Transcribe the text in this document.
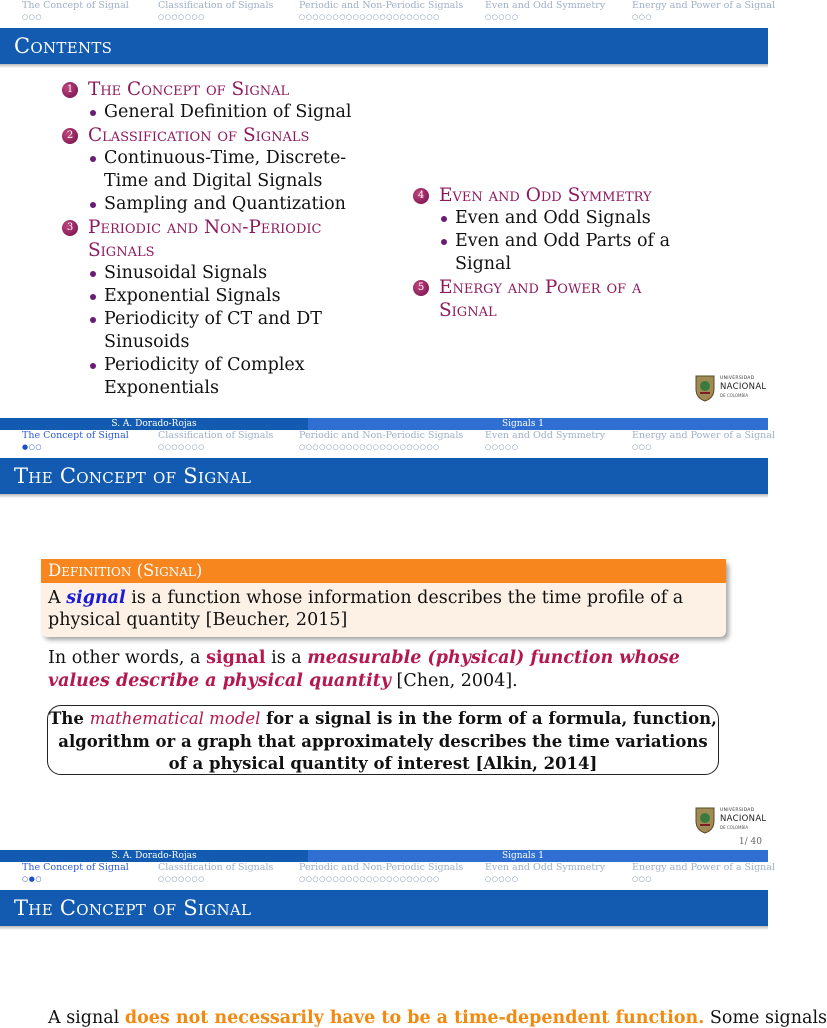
The Concept of Signal
○○○
Classification of Signals
○○○○○○○
Periodic and Non-Periodic Signals
○○○○○○○○○○○○○○○○○○○○○
Even and Odd Symmetry
○○○○○
Energy and Power of a Signal
○○○
Contents
1 The Concept of Signal
General Definition of Signal
2 Classification of Signals
Continuous-Time, Discrete-Time and Digital Signals
Sampling and Quantization
3 Periodic and Non-Periodic Signals
Sinusoidal Signals
Exponential Signals
Periodicity of CT and DT Sinusoids
Periodicity of Complex Exponentials
4 Even and Odd Symmetry
Even and Odd Signals
Even and Odd Parts of a Signal
5 Energy and Power of a Signal
UNIVERSIDAD
NACIONAL
DE COLOMBIA
S. A. Dorado-Rojas	Signals 1
The Concept of Signal
●○○
Classification of Signals
○○○○○○○
Periodic and Non-Periodic Signals
○○○○○○○○○○○○○○○○○○○○○
Even and Odd Symmetry
○○○○○
Energy and Power of a Signal
○○○
The Concept of Signal
Definition (Signal)
A signal is a function whose information describes the time profile of a physical quantity [Beucher, 2015]
In other words, a signal is a measurable (physical) function whose values describe a physical quantity [Chen, 2004].
The mathematical model for a signal is in the form of a formula, function, algorithm or a graph that approximately describes the time variations of a physical quantity of interest [Alkin, 2014]
UNIVERSIDAD
NACIONAL
DE COLOMBIA
1/ 40
S. A. Dorado-Rojas	Signals 1
The Concept of Signal
○●○
Classification of Signals
○○○○○○○
Periodic and Non-Periodic Signals
○○○○○○○○○○○○○○○○○○○○○
Even and Odd Symmetry
○○○○○
Energy and Power of a Signal
○○○
The Concept of Signal
A signal does not necessarily have to be a time-dependent function. Some signals
